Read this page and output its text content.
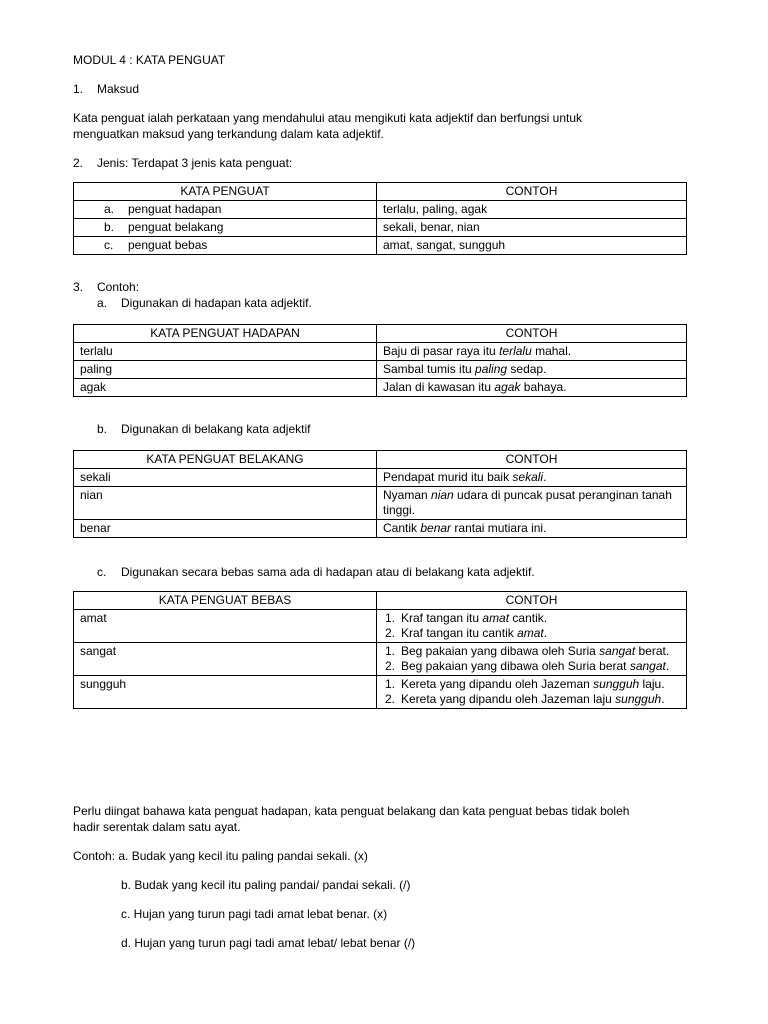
MODUL 4 : KATA PENGUAT
1. Maksud
Kata penguat ialah perkataan yang mendahului atau mengikuti kata adjektif dan berfungsi untuk
menguatkan maksud yang terkandung dalam kata adjektif.
2. Jenis: Terdapat 3 jenis kata penguat:
KATA PENGUAT	CONTOH
a. penguat hadapan	terlalu, paling, agak
b. penguat belakang	sekali, benar, nian
c. penguat bebas	amat, sangat, sungguh
3. Contoh:
a. Digunakan di hadapan kata adjektif.
KATA PENGUAT HADAPAN	CONTOH
terlalu	Baju di pasar raya itu terlalu mahal.
paling	Sambal tumis itu paling sedap.
agak	Jalan di kawasan itu agak bahaya.
b. Digunakan di belakang kata adjektif
KATA PENGUAT BELAKANG	CONTOH
sekali	Pendapat murid itu baik sekali.
nian	Nyaman nian udara di puncak pusat peranginan tanah tinggi.
benar	Cantik benar rantai mutiara ini.
c. Digunakan secara bebas sama ada di hadapan atau di belakang kata adjektif.
KATA PENGUAT BEBAS	CONTOH
amat	1. Kraf tangan itu amat cantik.
2. Kraf tangan itu cantik amat.

sangat	1. Beg pakaian yang dibawa oleh Suria sangat berat.
2. Beg pakaian yang dibawa oleh Suria berat sangat.

sungguh	1. Kereta yang dipandu oleh Jazeman sungguh laju.
2. Kereta yang dipandu oleh Jazeman laju sungguh.
Perlu diingat bahawa kata penguat hadapan, kata penguat belakang dan kata penguat bebas tidak boleh
hadir serentak dalam satu ayat.
Contoh: a. Budak yang kecil itu paling pandai sekali. (x)
b. Budak yang kecil itu paling pandai/ pandai sekali. (/)
c. Hujan yang turun pagi tadi amat lebat benar. (x)
d. Hujan yang turun pagi tadi amat lebat/ lebat benar (/)
